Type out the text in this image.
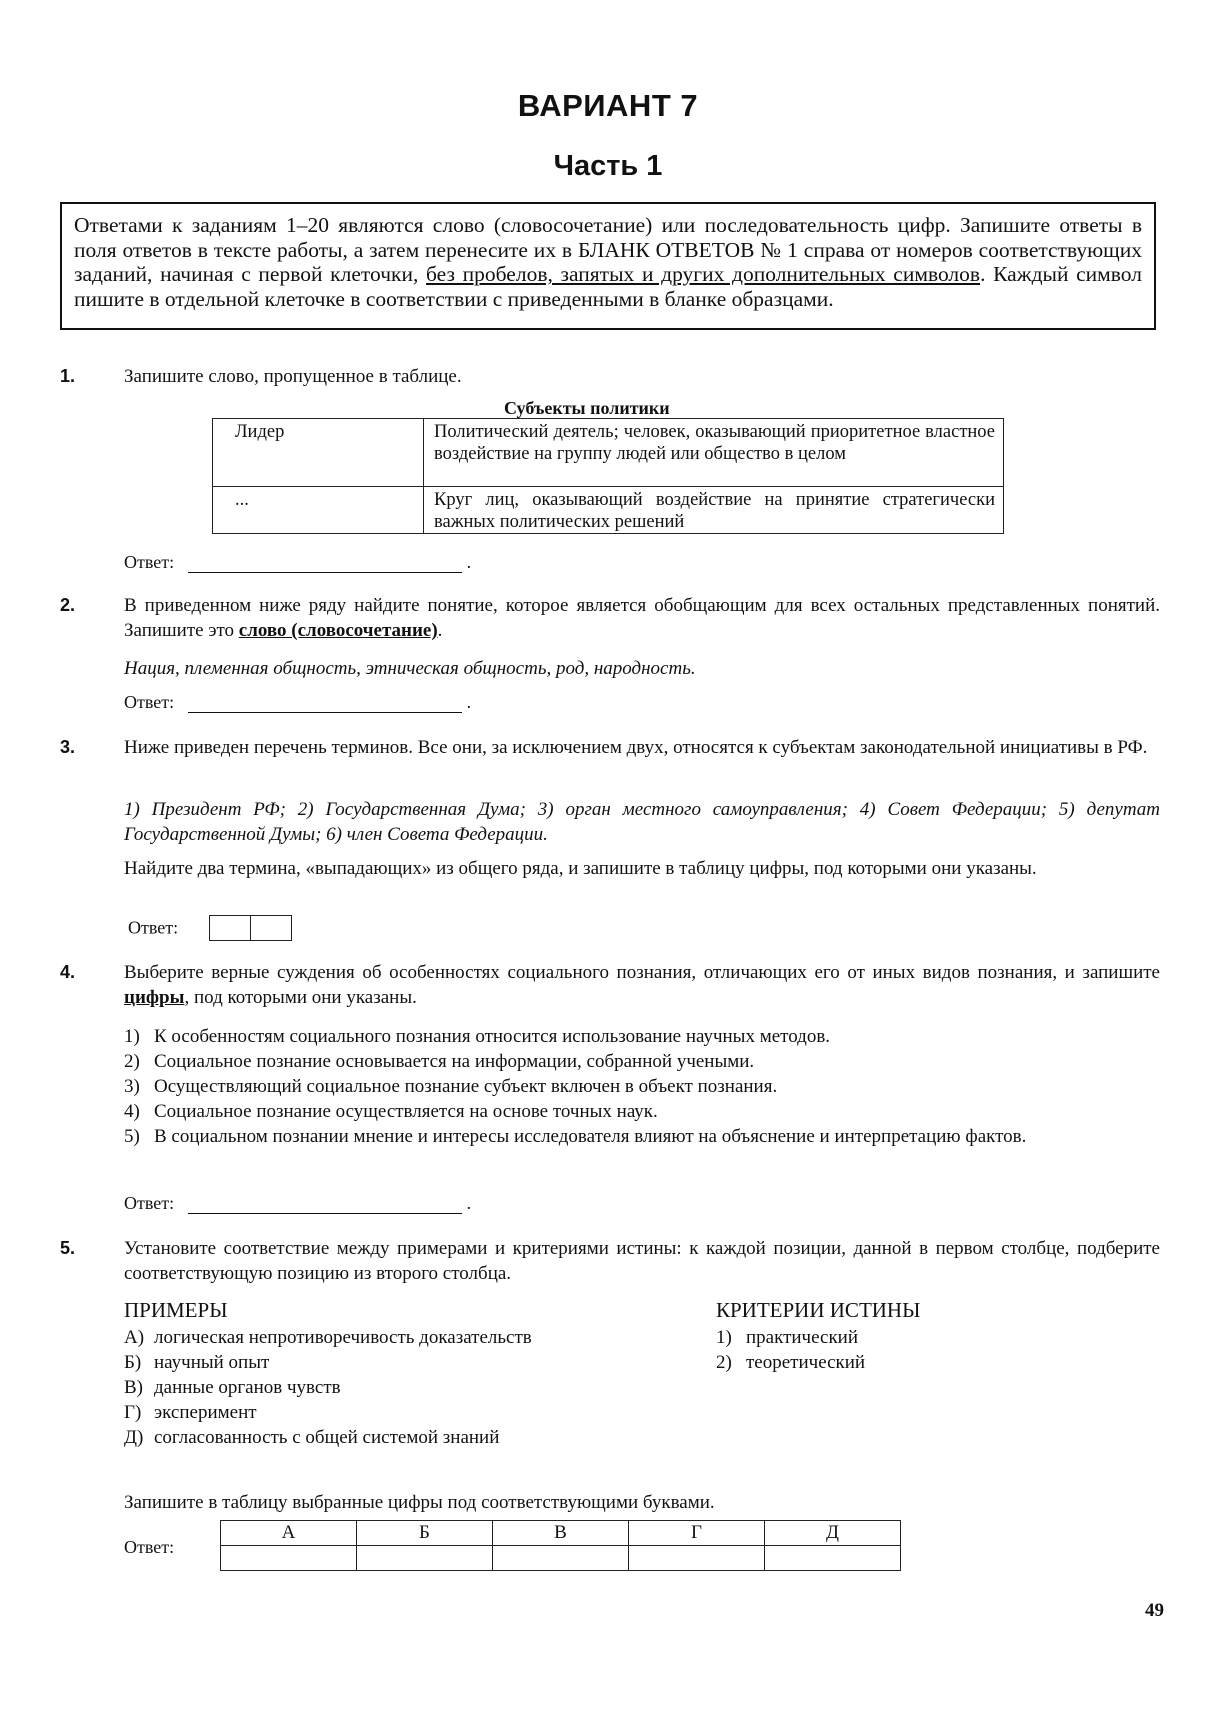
ВАРИАНТ 7
Часть 1
Ответами к заданиям 1–20 являются слово (словосочетание) или последовательность цифр. Запишите ответы в поля ответов в тексте работы, а затем перенесите их в БЛАНК ОТВЕТОВ № 1 справа от номеров соответствующих заданий, начиная с первой клеточки, без пробелов, запятых и других дополнительных символов. Каждый символ пишите в отдельной клеточке в соответствии с приведенными в бланке образцами.
1.	Запишите слово, пропущенное в таблице.
Субъекты политики
Лидер	Политический деятель; человек, оказывающий приоритетное властное воздействие на группу людей или общество в целом
...	Круг лиц, оказывающий воздействие на принятие стратегически важных политических решений
Ответ:	.
2.	В приведенном ниже ряду найдите понятие, которое является обобщающим для всех остальных представленных понятий. Запишите это слово (словосочетание).
Нация, племенная общность, этническая общность, род, народность.
Ответ:	.
3.	Ниже приведен перечень терминов. Все они, за исключением двух, относятся к субъектам законодательной инициативы в РФ.
1) Президент РФ; 2) Государственная Дума; 3) орган местного самоуправления; 4) Совет Федерации; 5) депутат Государственной Думы; 6) член Совета Федерации.
Найдите два термина, «выпадающих» из общего ряда, и запишите в таблицу цифры, под которыми они указаны.
Ответ:	
4.	Выберите верные суждения об особенностях социального познания, отличающих его от иных видов познания, и запишите цифры, под которыми они указаны.
1) К особенностям социального познания относится использование научных методов.
2) Социальное познание основывается на информации, собранной учеными.
3) Осуществляющий социальное познание субъект включен в объект познания.
4) Социальное познание осуществляется на основе точных наук.
5) В социальном познании мнение и интересы исследователя влияют на объяснение и интерпретацию фактов.
Ответ:	.
5.	Установите соответствие между примерами и критериями истины: к каждой позиции, данной в первом столбце, подберите соответствующую позицию из второго столбца.
ПРИМЕРЫ
А) логическая непротиворечивость доказательств
Б) научный опыт
В) данные органов чувств
Г) эксперимент
Д) согласованность с общей системой знаний
КРИТЕРИИ ИСТИНЫ
1) практический
2) теоретический
Запишите в таблицу выбранные цифры под соответствующими буквами.
Ответ:
А	Б	В	Г	Д

49
